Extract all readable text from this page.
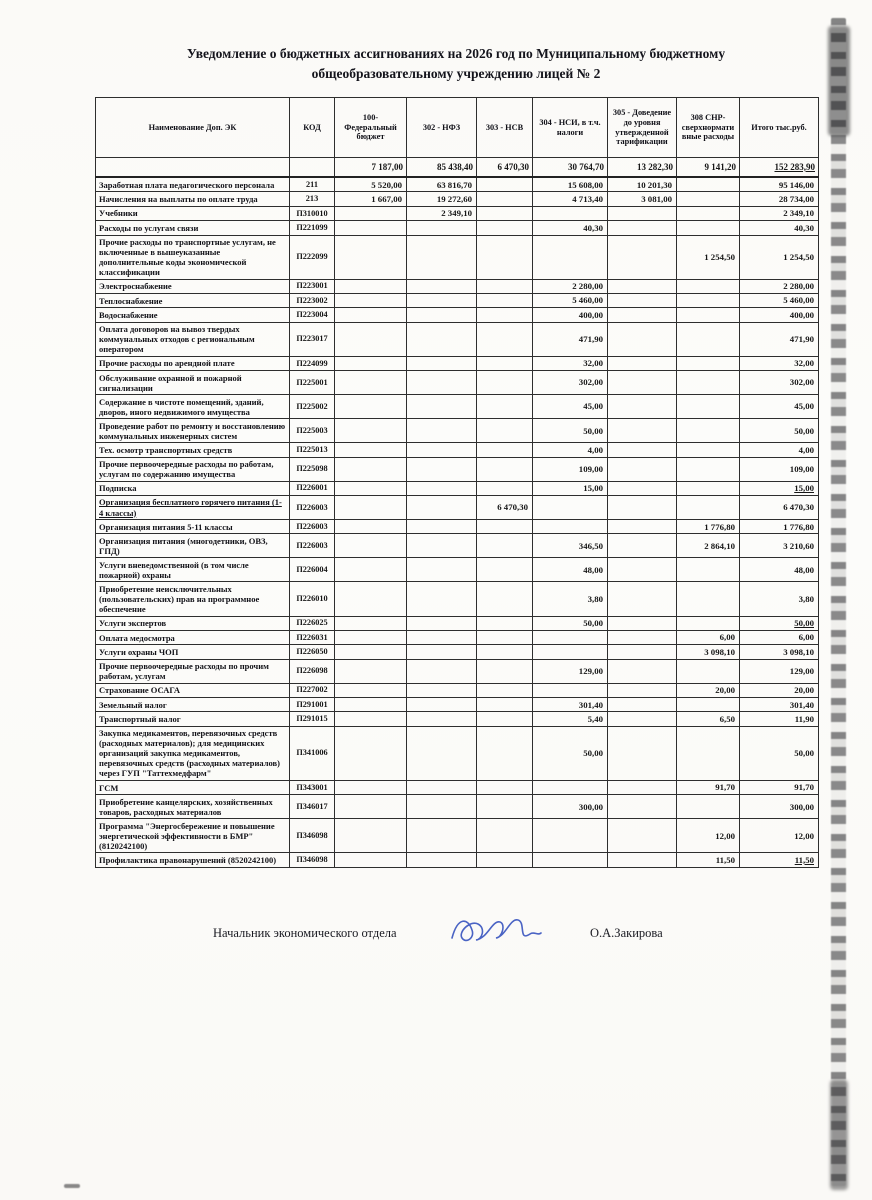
Уведомление о бюджетных ассигнованиях на 2026 год по Муниципальному бюджетному общеобразовательному учреждению лицей № 2
Наименование Доп. ЭК	КОД	100-Федеральный бюджет	302 - НФЗ	303 - НСВ	304 - НСИ, в т.ч. налоги	305 - Доведение до уровня утвержденной тарификации	308 СНР-сверхнормативные расходы	Итого тыс.руб.
		7 187,00	85 438,40	6 470,30	30 764,70	13 282,30	9 141,20	152 283,90
Заработная плата педагогического персонала	211	5 520,00	63 816,70		15 608,00	10 201,30		95 146,00
Начисления на выплаты по оплате труда	213	1 667,00	19 272,60		4 713,40	3 081,00		28 734,00
Учебники	П310010		2 349,10					2 349,10
Расходы по услугам связи	П221099				40,30			40,30
Прочие расходы по транспортные услугам, не включенные в вышеуказанные дополнительные коды экономической классификации	П222099						1 254,50	1 254,50
Электроснабжение	П223001				2 280,00			2 280,00
Теплоснабжение	П223002				5 460,00			5 460,00
Водоснабжение	П223004				400,00			400,00
Оплата договоров на вывоз твердых коммунальных отходов с региональным оператором	П223017				471,90			471,90
Прочие расходы по арендной плате	П224099				32,00			32,00
Обслуживание охранной и пожарной сигнализации	П225001				302,00			302,00
Содержание в чистоте помещений, зданий, дворов, иного недвижимого имущества	П225002				45,00			45,00
Проведение работ по ремонту и восстановлению коммунальных инженерных систем	П225003				50,00			50,00
Тех. осмотр транспортных средств	П225013				4,00			4,00
Прочие первоочередные расходы по работам, услугам по содержанию имущества	П225098				109,00			109,00
Подписка	П226001				15,00			15,00
Организация бесплатного горячего питания (1-4 классы)	П226003			6 470,30				6 470,30
Организация питания 5-11 классы	П226003						1 776,80	1 776,80
Организация питания (многодетники, ОВЗ, ГПД)	П226003				346,50		2 864,10	3 210,60
Услуги вневедомственной (в том числе пожарной) охраны	П226004				48,00			48,00
Приобретение неисключительных (пользовательских) прав на программное обеспечение	П226010				3,80			3,80
Услуги экспертов	П226025				50,00			50,00
Оплата медосмотра	П226031						6,00	6,00
Услуги охраны ЧОП	П226050						3 098,10	3 098,10
Прочие первоочередные расходы по прочим работам, услугам	П226098				129,00			129,00
Страхование ОСАГА	П227002						20,00	20,00
Земельный налог	П291001				301,40			301,40
Транспортный налог	П291015				5,40		6,50	11,90
Закупка медикаментов, перевязочных средств (расходных материалов); для медицинских организаций закупка медикаментов, перевязочных средств (расходных материалов) через ГУП "Таттехмедфарм"	П341006				50,00			50,00
ГСМ	П343001						91,70	91,70
Приобретение канцелярских, хозяйственных товаров, расходных материалов	П346017				300,00			300,00
Программа "Энергосбережение и повышение энергетической эффективности в БМР" (8120242100)	П346098						12,00	12,00
Профилактика правонарушений (8520242100)	П346098						11,50	11,50
Начальник экономического отдела	О.А.Закирова
